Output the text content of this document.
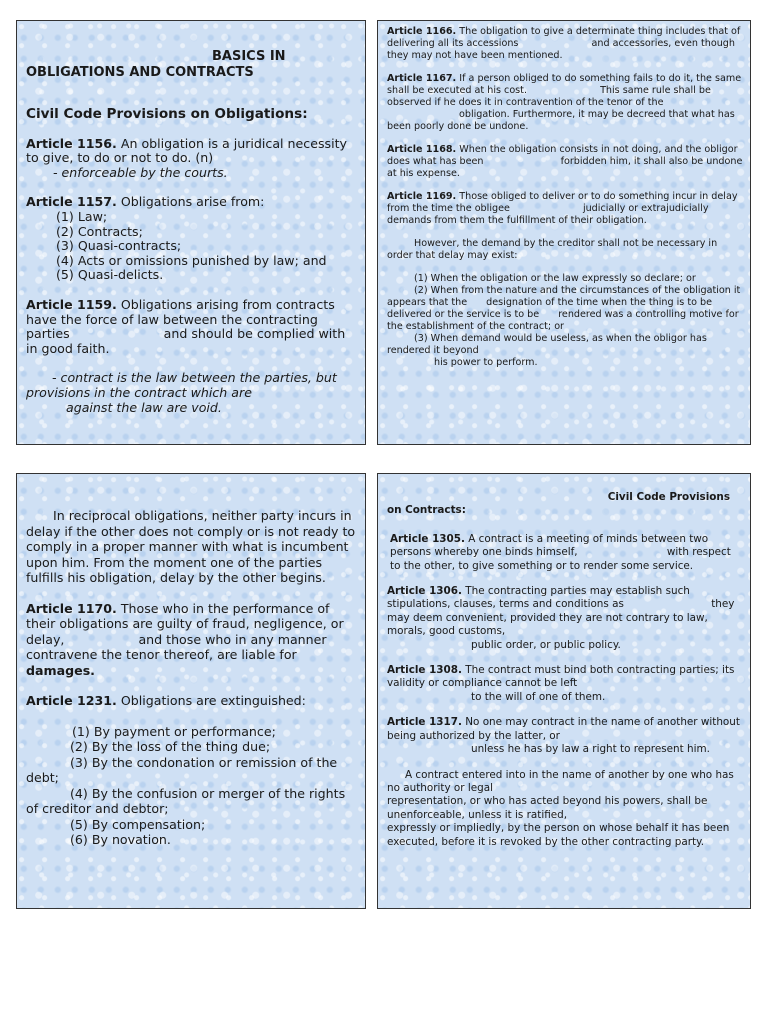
BASICS IN
OBLIGATIONS AND CONTRACTS

Civil Code Provisions on Obligations:

Article 1156. An obligation is a juridical necessity to give, to do or not to do. (n)

- enforceable by the courts.

Article 1157. Obligations arise from:

(1) Law;
(2) Contracts;
(3) Quasi-contracts;
(4) Acts or omissions punished by law; and
(5) Quasi-delicts.

Article 1159. Obligations arising from contracts have the force of law between the contracting parties	and should be complied with in good faith.

- contract is the law between the parties, but provisions in the contract which are
against the law are void.

Article 1166. The obligation to give a determinate thing includes that of delivering all its accessions	and accessories, even though they may not have been mentioned.

Article 1167. If a person obliged to do something fails to do it, the same shall be executed at his cost.	This same rule shall be observed if he does it in contravention of the tenor of the obligation. Furthermore, it may be decreed that what has been poorly done be undone.

Article 1168. When the obligation consists in not doing, and the obligor does what has been	forbidden him, it shall also be undone at his expense.

Article 1169. Those obliged to deliver or to do something incur in delay from the time the obligee	judicially or extrajudicially demands from them the fulfillment of their obligation.

However, the demand by the creditor shall not be necessary in order that delay may exist:

(1) When the obligation or the law expressly so declare; or

(2) When from the nature and the circumstances of the obligation it appears that the designation of the time when the thing is to be delivered or the service is to be rendered was a controlling motive for the establishment of the contract; or

(3) When demand would be useless, as when the obligor has rendered it beyond
his power to perform.

In reciprocal obligations, neither party incurs in delay if the other does not comply or is not ready to comply in a proper manner with what is incumbent upon him. From the moment one of the parties fulfills his obligation, delay by the other begins.

Article 1170. Those who in the performance of their obligations are guilty of fraud, negligence, or delay,	and those who in any manner contravene the tenor thereof, are liable for damages.

Article 1231. Obligations are extinguished:

(1) By payment or performance;

(2) By the loss of the thing due;

(3) By the condonation or remission of the debt;

(4) By the confusion or merger of the rights of creditor and debtor;

(5) By compensation;

(6) By novation.

Civil Code Provisions
on Contracts:

Article 1305. A contract is a meeting of minds between two persons whereby one binds himself,	with respect to the other, to give something or to render some service.

Article 1306. The contracting parties may establish such stipulations, clauses, terms and conditions as	they may deem convenient, provided they are not contrary to law, morals, good customs,
public order, or public policy.

Article 1308. The contract must bind both contracting parties; its validity or compliance cannot be left
to the will of one of them.

Article 1317. No one may contract in the name of another without being authorized by the latter, or
unless he has by law a right to represent him.

A contract entered into in the name of another by one who has no authority or legal
representation, or who has acted beyond his powers, shall be unenforceable, unless it is ratified,
expressly or impliedly, by the person on whose behalf it has been executed, before it is revoked by the other contracting party.
